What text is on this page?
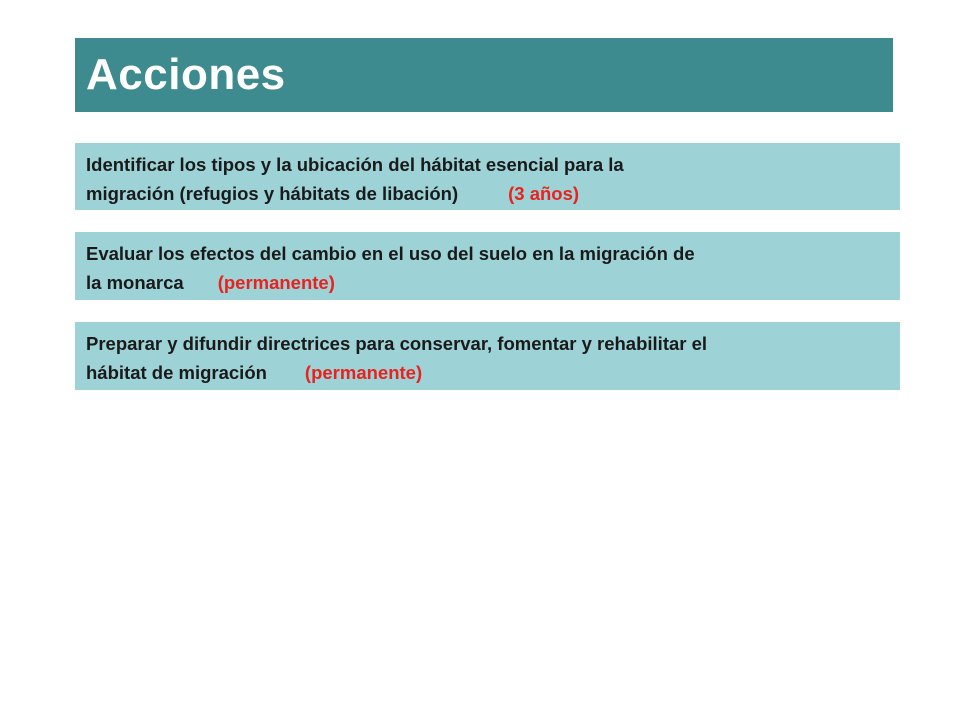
Acciones
Identificar los tipos y la ubicación del hábitat esencial para la
migración (refugios y hábitats de libación)	(3 años)
Evaluar los efectos del cambio en el uso del suelo en la migración de
la monarca (permanente)
Preparar y difundir directrices para conservar, fomentar y rehabilitar el
hábitat de migración (permanente)
